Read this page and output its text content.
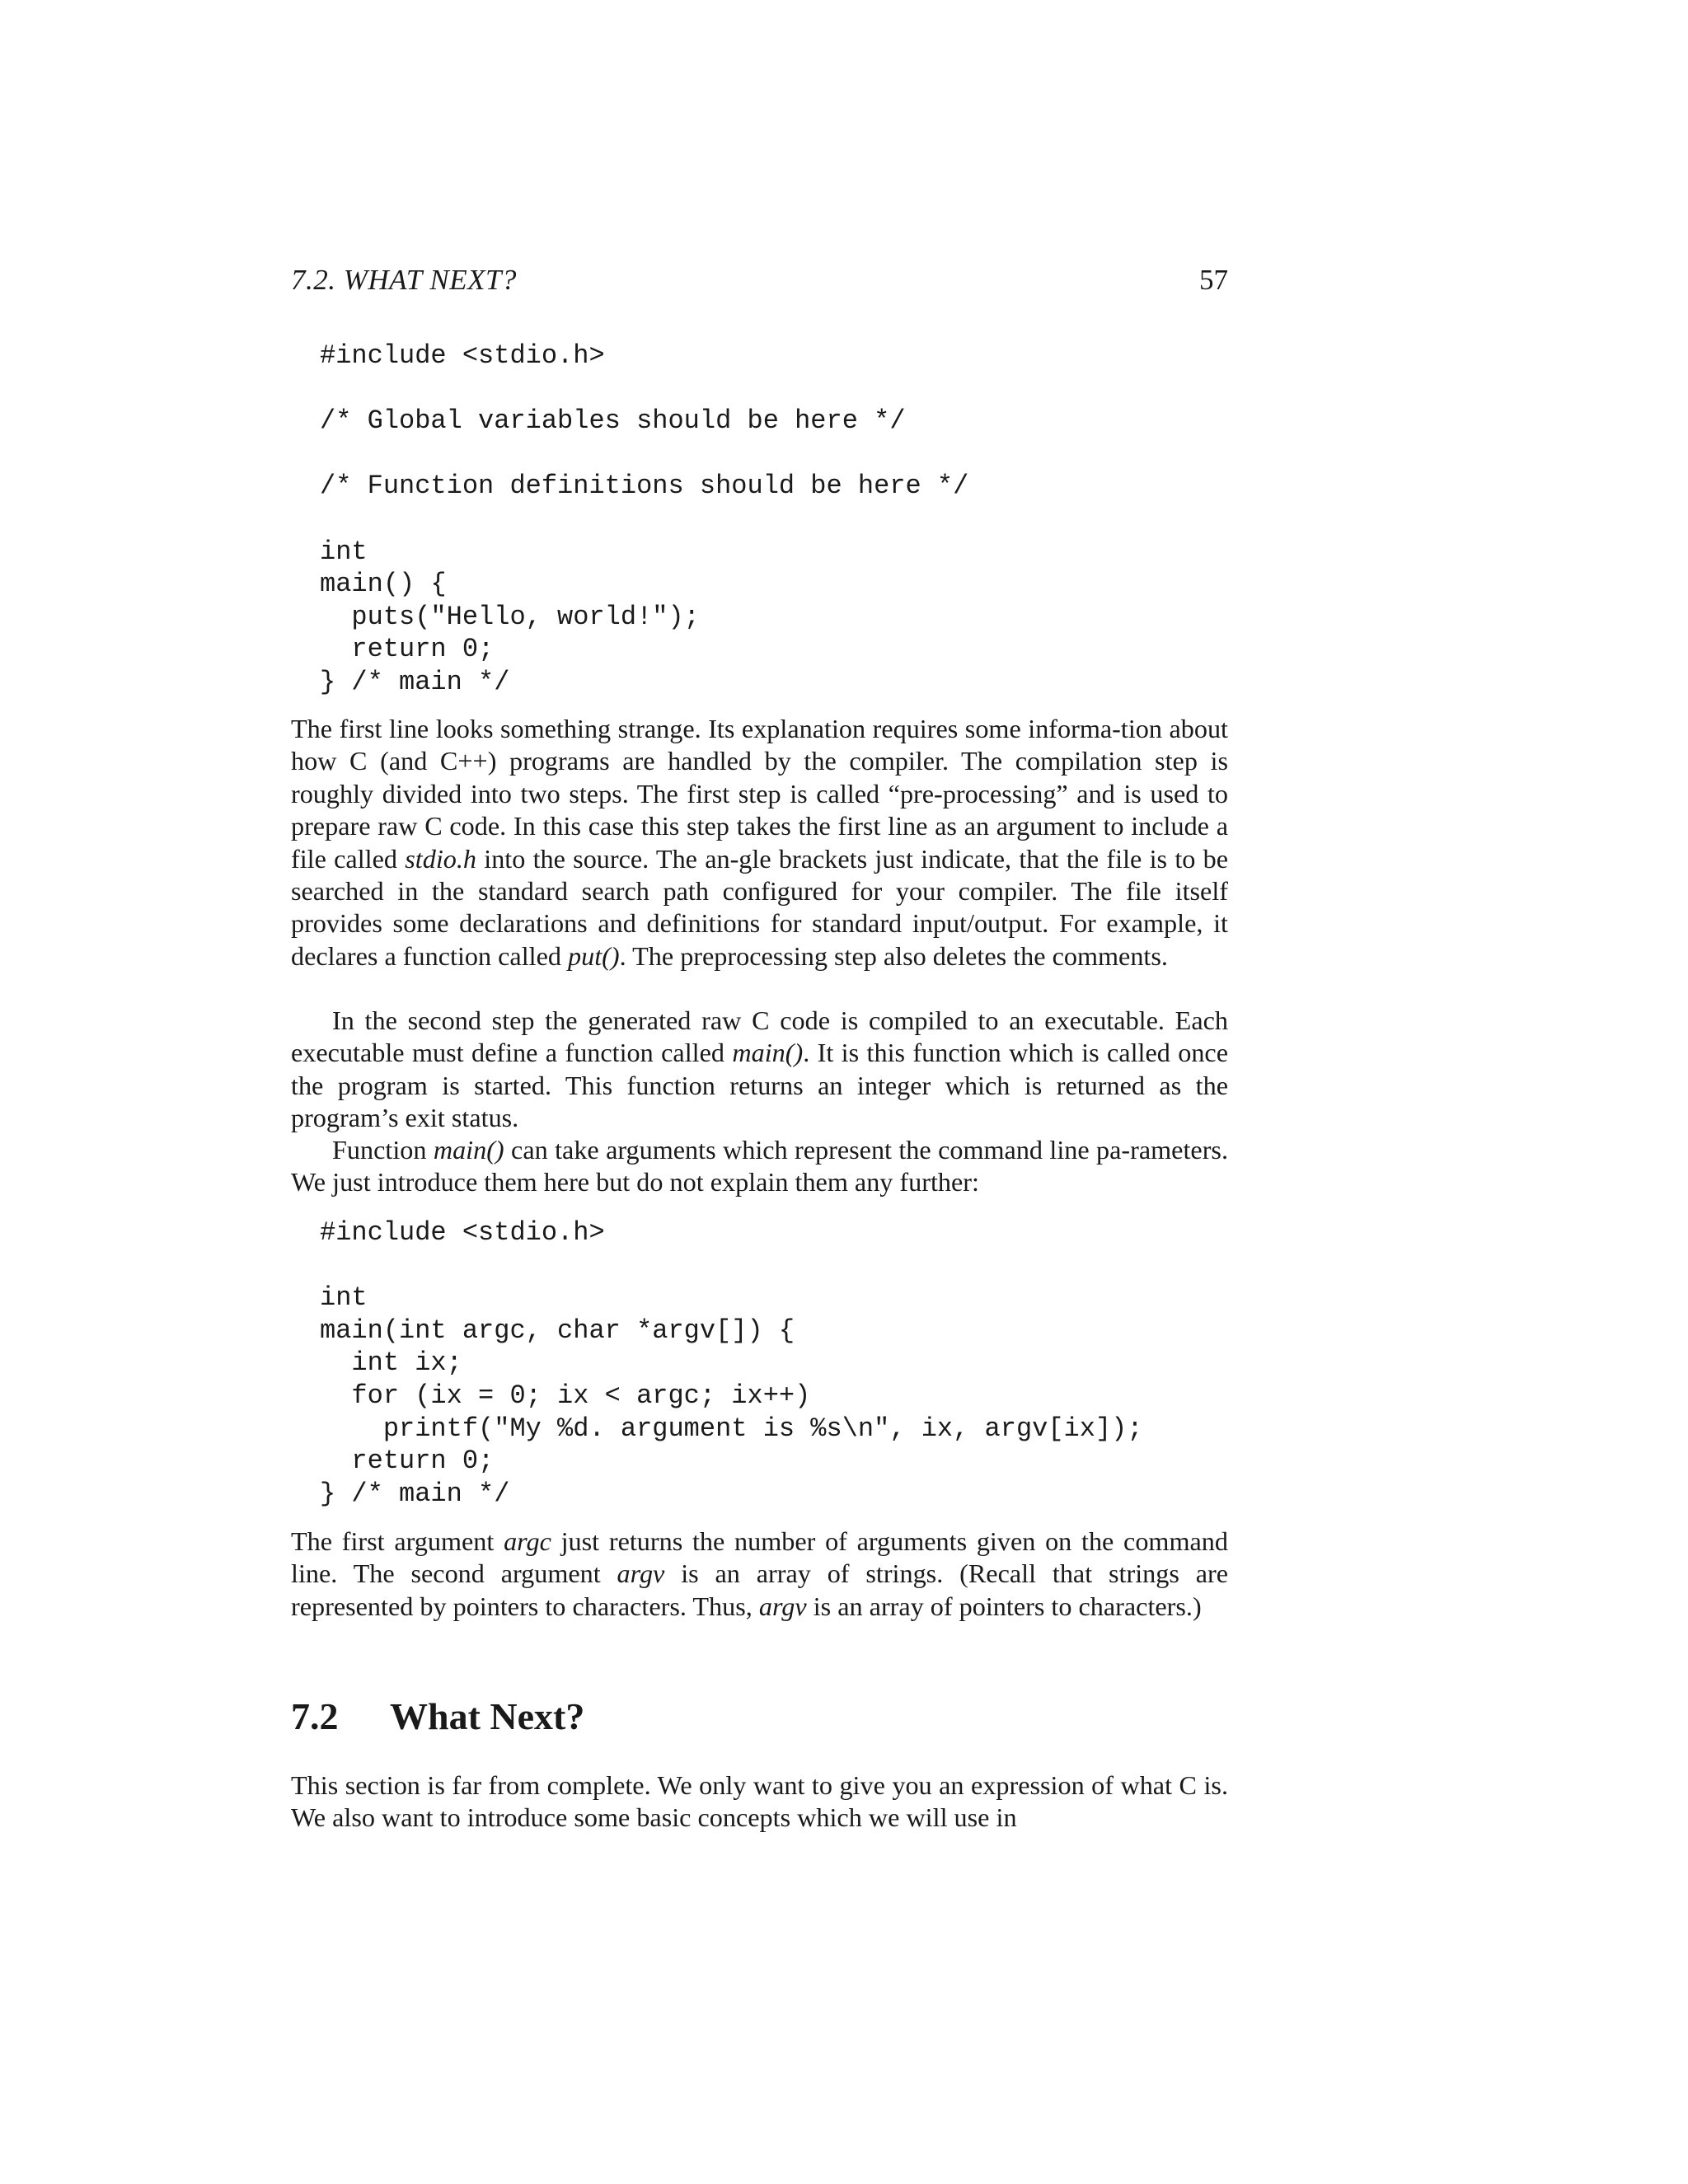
7.2. WHAT NEXT?	57
#include <stdio.h>
/* Global variables should be here */
/* Function definitions should be here */
int
main() {
puts("Hello, world!");
return 0;
} /* main */

The first line looks something strange. Its explanation requires some informa-tion about how C (and C++) programs are handled by the compiler. The compilation step is roughly divided into two steps. The first step is called “pre-processing” and is used to prepare raw C code. In this case this step takes the first line as an argument to include a file called stdio.h into the source. The an-gle brackets just indicate, that the file is to be searched in the standard search path configured for your compiler. The file itself provides some declarations and definitions for standard input/output. For example, it declares a function called put(). The preprocessing step also deletes the comments.

In the second step the generated raw C code is compiled to an executable. Each executable must define a function called main(). It is this function which is called once the program is started. This function returns an integer which is returned as the program’s exit status.

Function main() can take arguments which represent the command line pa-rameters. We just introduce them here but do not explain them any further:

#include <stdio.h>
int
main(int argc, char *argv[]) {
int ix;
for (ix = 0; ix < argc; ix++)
printf("My %d. argument is %s\n", ix, argv[ix]);
return 0;
} /* main */

The first argument argc just returns the number of arguments given on the command line. The second argument argv is an array of strings. (Recall that strings are represented by pointers to characters. Thus, argv is an array of pointers to characters.)

7.2 What Next?

This section is far from complete. We only want to give you an expression of what C is. We also want to introduce some basic concepts which we will use in
